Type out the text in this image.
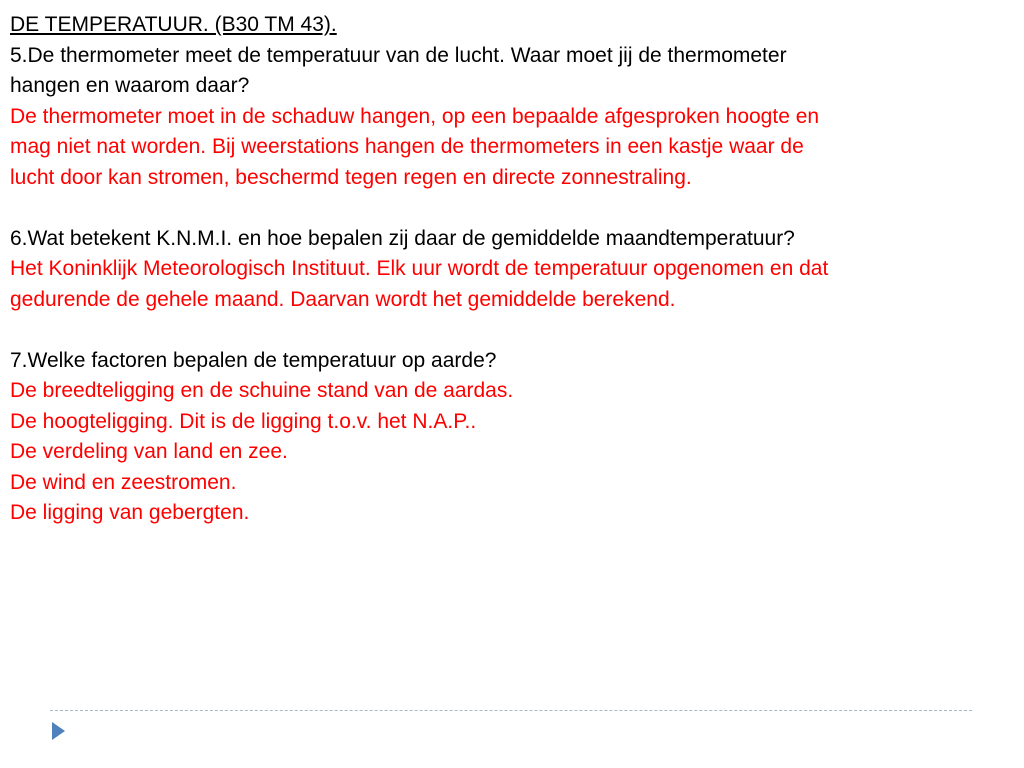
DE TEMPERATUUR. (B30 TM 43).

5.De thermometer meet de temperatuur van de lucht. Waar moet jij de thermometer

hangen en waarom daar?

De thermometer moet in de schaduw hangen, op een bepaalde afgesproken hoogte en

mag niet nat worden. Bij weerstations hangen de thermometers in een kastje waar de

lucht door kan stromen, beschermd tegen regen en directe zonnestraling.

6.Wat betekent K.N.M.I. en hoe bepalen zij daar de gemiddelde maandtemperatuur?

Het Koninklijk Meteorologisch Instituut. Elk uur wordt de temperatuur opgenomen en dat

gedurende de gehele maand. Daarvan wordt het gemiddelde berekend.

7.Welke factoren bepalen de temperatuur op aarde?

De breedteligging en de schuine stand van de aardas.

De hoogteligging. Dit is de ligging t.o.v. het N.A.P..

De verdeling van land en zee.

De wind en zeestromen.

De ligging van gebergten.
